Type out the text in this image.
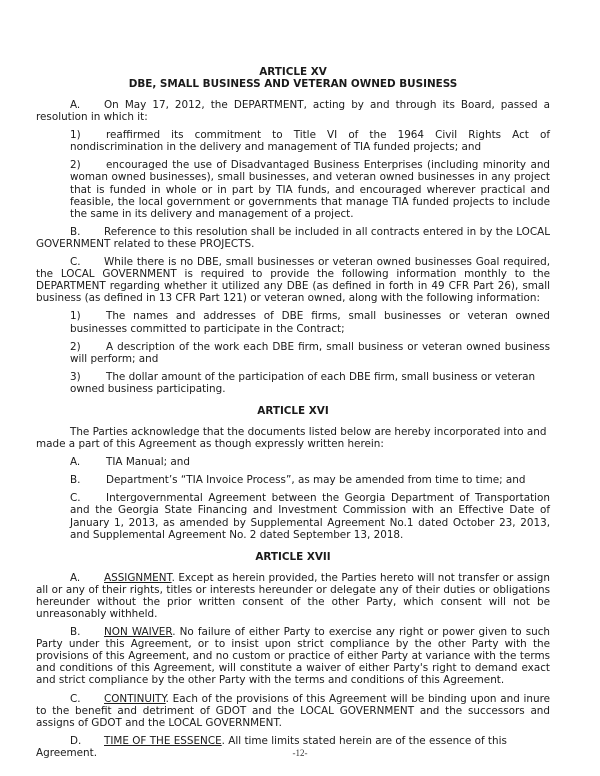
ARTICLE XV
DBE, SMALL BUSINESS AND VETERAN OWNED BUSINESS
A. On May 17, 2012, the DEPARTMENT, acting by and through its Board, passed a resolution in which it:
1) reaffirmed its commitment to Title VI of the 1964 Civil Rights Act of nondiscrimination in the delivery and management of TIA funded projects; and
2) encouraged the use of Disadvantaged Business Enterprises (including minority and woman owned businesses), small businesses, and veteran owned businesses in any project that is funded in whole or in part by TIA funds, and encouraged wherever practical and feasible, the local government or governments that manage TIA funded projects to include the same in its delivery and management of a project.
B. Reference to this resolution shall be included in all contracts entered in by the LOCAL GOVERNMENT related to these PROJECTS.
C. While there is no DBE, small businesses or veteran owned businesses Goal required, the LOCAL GOVERNMENT is required to provide the following information monthly to the DEPARTMENT regarding whether it utilized any DBE (as defined in forth in 49 CFR Part 26), small business (as defined in 13 CFR Part 121) or veteran owned, along with the following information:
1) The names and addresses of DBE firms, small businesses or veteran owned businesses committed to participate in the Contract;
2) A description of the work each DBE firm, small business or veteran owned business will perform; and
3) The dollar amount of the participation of each DBE firm, small business or veteran owned business participating.
ARTICLE XVI
The Parties acknowledge that the documents listed below are hereby incorporated into and made a part of this Agreement as though expressly written herein:
A. TIA Manual; and
B. Department’s “TIA Invoice Process”, as may be amended from time to time; and
C. Intergovernmental Agreement between the Georgia Department of Transportation and the Georgia State Financing and Investment Commission with an Effective Date of January 1, 2013, as amended by Supplemental Agreement No.1 dated October 23, 2013, and Supplemental Agreement No. 2 dated September 13, 2018.
ARTICLE XVII
A. ASSIGNMENT. Except as herein provided, the Parties hereto will not transfer or assign all or any of their rights, titles or interests hereunder or delegate any of their duties or obligations hereunder without the prior written consent of the other Party, which consent will not be unreasonably withheld.
B. NON WAIVER. No failure of either Party to exercise any right or power given to such Party under this Agreement, or to insist upon strict compliance by the other Party with the provisions of this Agreement, and no custom or practice of either Party at variance with the terms and conditions of this Agreement, will constitute a waiver of either Party's right to demand exact and strict compliance by the other Party with the terms and conditions of this Agreement.
C. CONTINUITY. Each of the provisions of this Agreement will be binding upon and inure to the benefit and detriment of GDOT and the LOCAL GOVERNMENT and the successors and assigns of GDOT and the LOCAL GOVERNMENT.
D. TIME OF THE ESSENCE. All time limits stated herein are of the essence of this Agreement.	-12-
